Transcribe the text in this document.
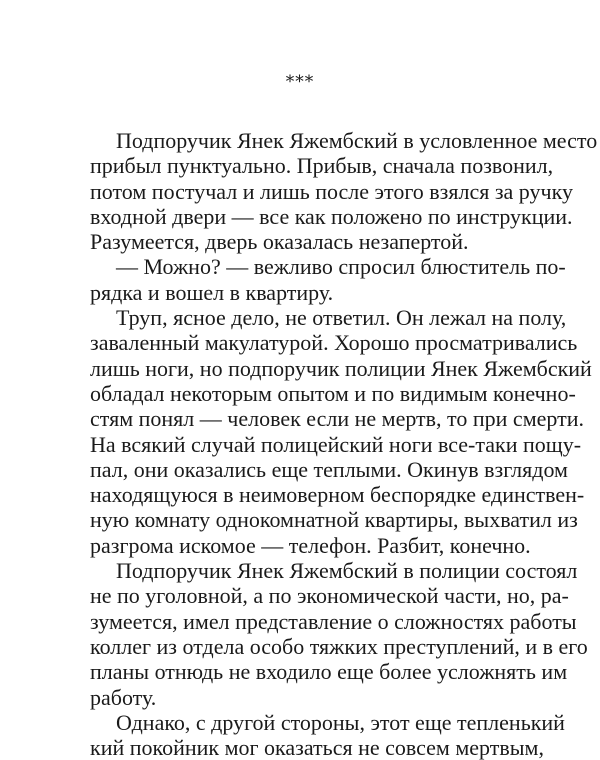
***
Подпоручик Янек Яжембский в условленное место
прибыл пунктуально. Прибыв, сначала позвонил,
потом постучал и лишь после этого взялся за ручку
входной двери — все как положено по инструкции.
Разумеется, дверь оказалась незапертой.
— Можно? — вежливо спросил блюститель по-
рядка и вошел в квартиру.
Труп, ясное дело, не ответил. Он лежал на полу,
заваленный макулатурой. Хорошо просматривались
лишь ноги, но подпоручик полиции Янек Яжембский
обладал некоторым опытом и по видимым конечно-
стям понял — человек если не мертв, то при смерти.
На всякий случай полицейский ноги все-таки пощу-
пал, они оказались еще теплыми. Окинув взглядом
находящуюся в неимоверном беспорядке единствен-
ную комнату однокомнатной квартиры, выхватил из
разгрома искомое — телефон. Разбит, конечно.
Подпоручик Янек Яжембский в полиции состоял
не по уголовной, а по экономической части, но, ра-
зумеется, имел представление о сложностях работы
коллег из отдела особо тяжких преступлений, и в его
планы отнюдь не входило еще более усложнять им
работу.
Однако, с другой стороны, этот еще тепленький
кий покойник мог оказаться не совсем мертвым,
